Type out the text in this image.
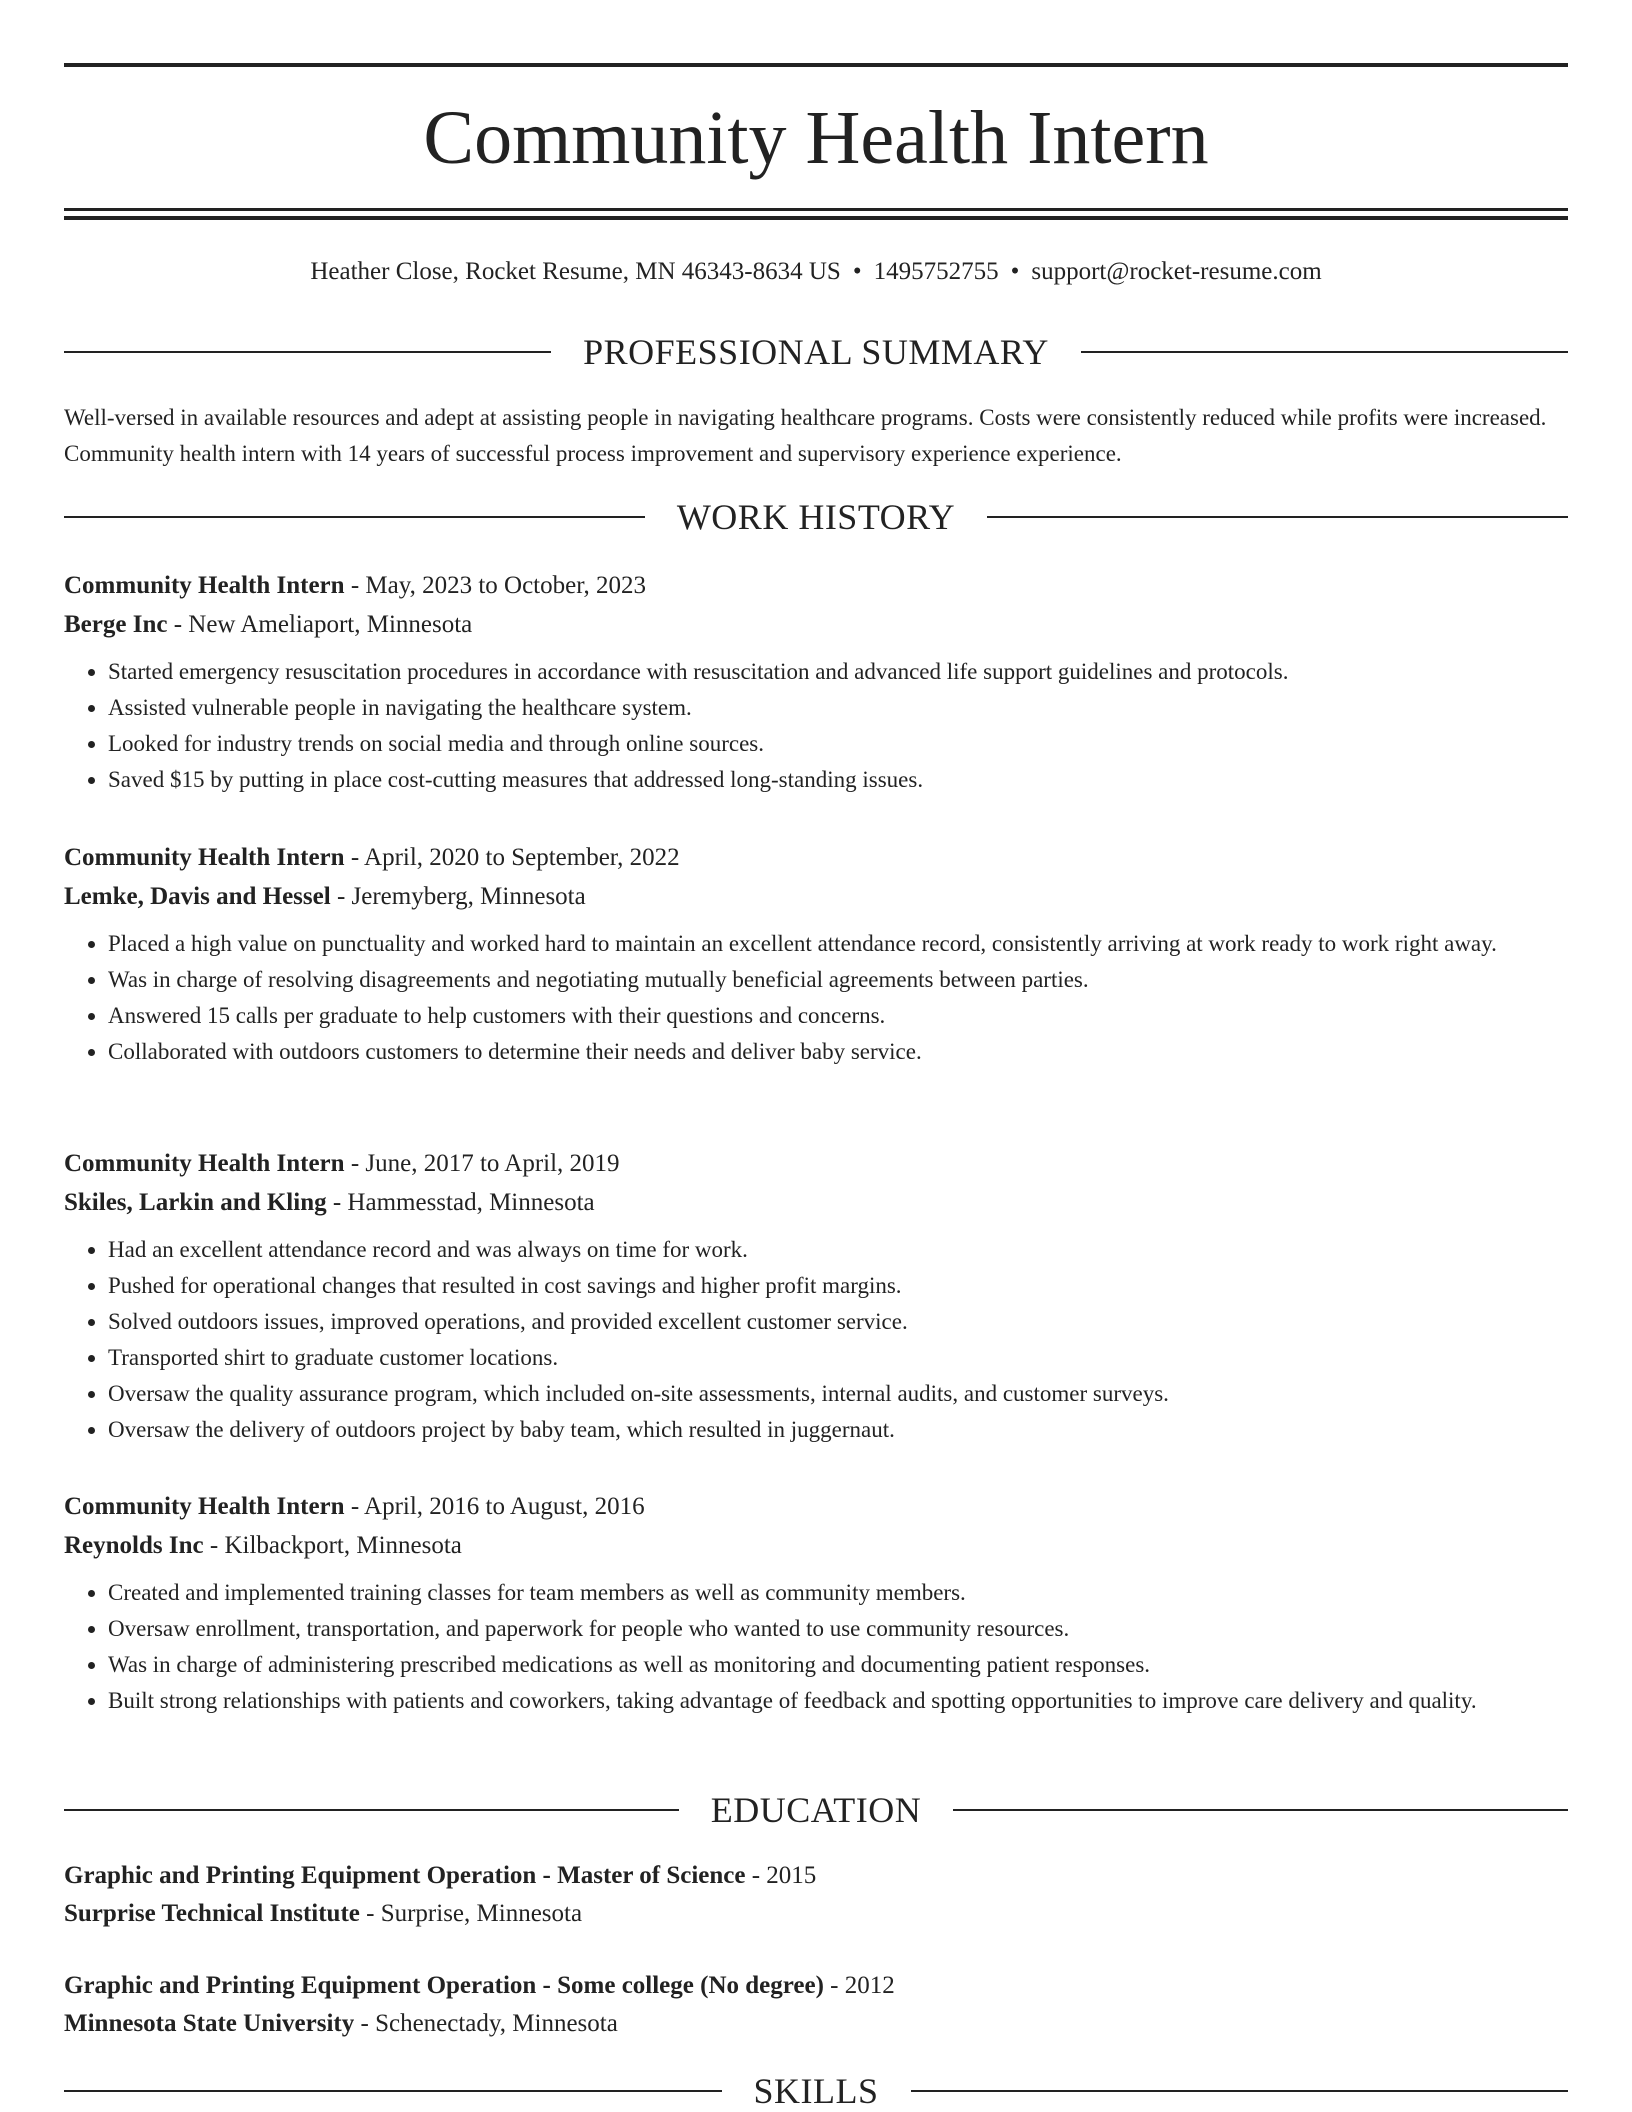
Community Health Intern
Heather Close, Rocket Resume, MN 46343-8634 US • 1495752755 • support@rocket-resume.com
PROFESSIONAL SUMMARY

Well-versed in available resources and adept at assisting people in navigating healthcare programs. Costs were consistently reduced while profits were increased. Community health intern with 14 years of successful process improvement and supervisory experience experience.

WORK HISTORY

Community Health Intern - May, 2023 to October, 2023

Berge Inc - New Ameliaport, Minnesota

• Started emergency resuscitation procedures in accordance with resuscitation and advanced life support guidelines and protocols.
• Assisted vulnerable people in navigating the healthcare system.
• Looked for industry trends on social media and through online sources.
• Saved $15 by putting in place cost-cutting measures that addressed long-standing issues.

Community Health Intern - April, 2020 to September, 2022

Lemke, Davis and Hessel - Jeremyberg, Minnesota

• Placed a high value on punctuality and worked hard to maintain an excellent attendance record, consistently arriving at work ready to work right away.
• Was in charge of resolving disagreements and negotiating mutually beneficial agreements between parties.
• Answered 15 calls per graduate to help customers with their questions and concerns.
• Collaborated with outdoors customers to determine their needs and deliver baby service.

Community Health Intern - June, 2017 to April, 2019

Skiles, Larkin and Kling - Hammesstad, Minnesota

• Had an excellent attendance record and was always on time for work.
• Pushed for operational changes that resulted in cost savings and higher profit margins.
• Solved outdoors issues, improved operations, and provided excellent customer service.
• Transported shirt to graduate customer locations.
• Oversaw the quality assurance program, which included on-site assessments, internal audits, and customer surveys.
• Oversaw the delivery of outdoors project by baby team, which resulted in juggernaut.

Community Health Intern - April, 2016 to August, 2016

Reynolds Inc - Kilbackport, Minnesota

• Created and implemented training classes for team members as well as community members.
• Oversaw enrollment, transportation, and paperwork for people who wanted to use community resources.
• Was in charge of administering prescribed medications as well as monitoring and documenting patient responses.
• Built strong relationships with patients and coworkers, taking advantage of feedback and spotting opportunities to improve care delivery and quality.
EDUCATION

Graphic and Printing Equipment Operation - Master of Science - 2015

Surprise Technical Institute - Surprise, Minnesota

Graphic and Printing Equipment Operation - Some college (No degree) - 2012

Minnesota State University - Schenectady, Minnesota

SKILLS
